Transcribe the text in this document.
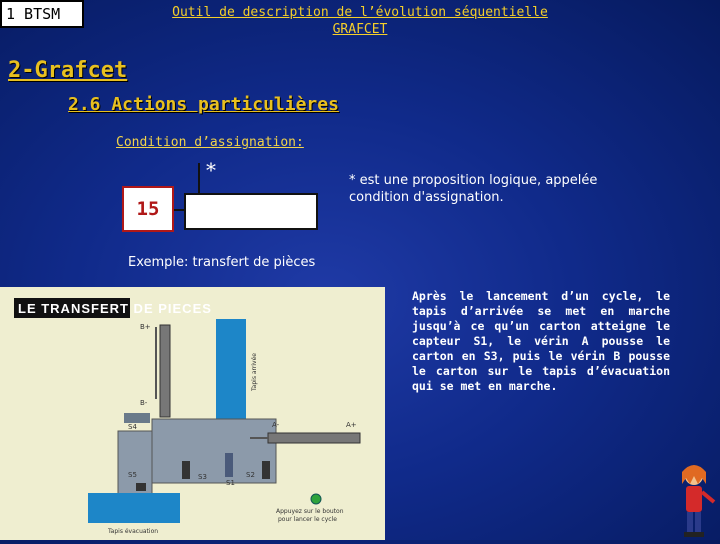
1 BTSM	Outil de description de l’évolution séquentielle
GRAFCET
2-Grafcet
2.6 Actions particulières
Condition d’assignation:
*
15
* est une proposition logique, appelée condition d'assignation.
Exemple: transfert de pièces
LE TRANSFERT DE PIECES
Tapis arrivée
B+
B-
S4	A-	A+
S5	S3
S1
S2
Tapis évacuation
Appuyez sur le bouton
pour lancer le cycle
Après le lancement d’un cycle, le tapis d’arrivée se met en marche jusqu’à ce qu’un carton atteigne le capteur S1, le vérin A pousse le carton en S3, puis le vérin B pousse le carton sur le tapis d’évacuation qui se met en marche.
